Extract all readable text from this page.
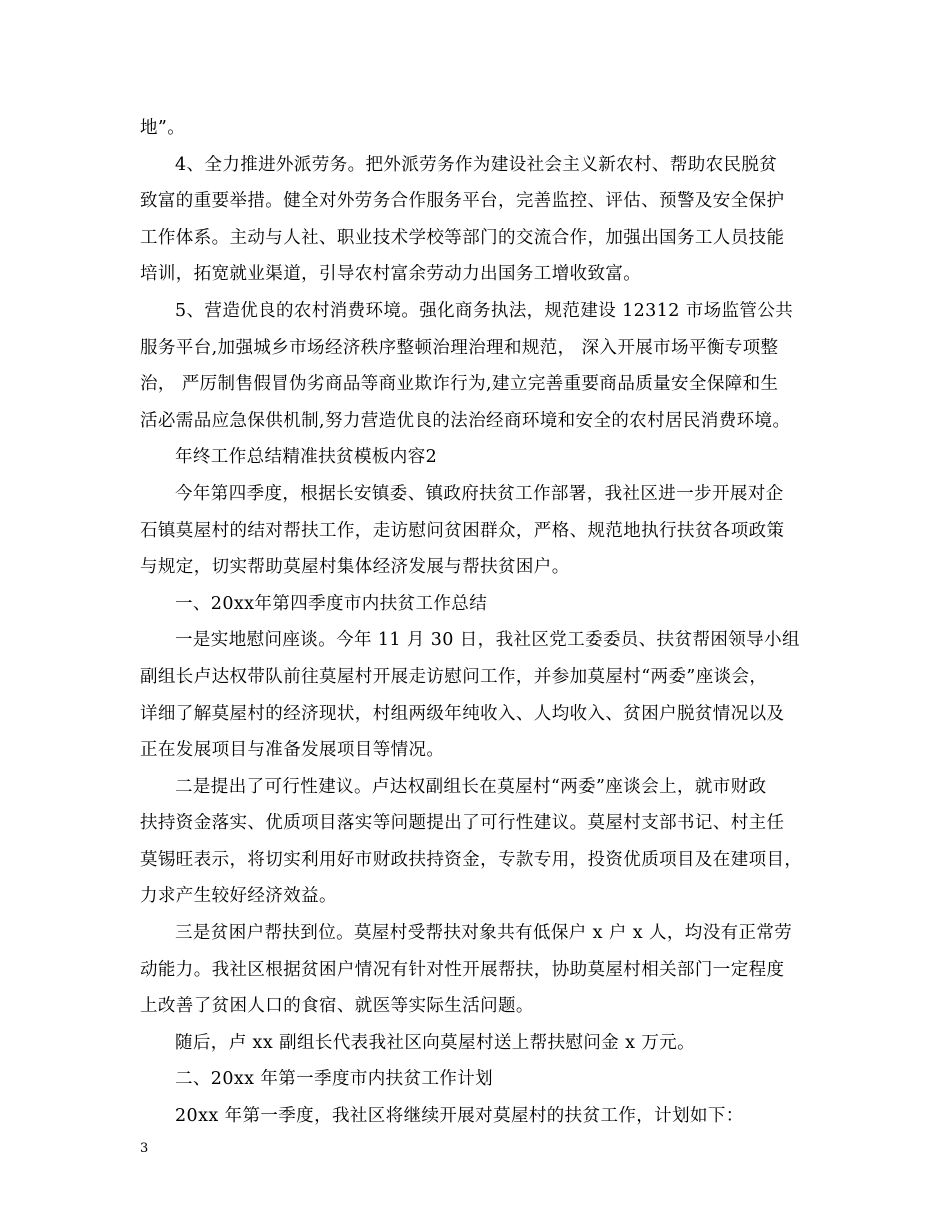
地”。

4、全力推进外派劳务。把外派劳务作为建设社会主义新农村、帮助农民脱贫
致富的重要举措。健全对外劳务合作服务平台，完善监控、评估、预警及安全保护
工作体系。主动与人社、职业技术学校等部门的交流合作，加强出国务工人员技能
培训，拓宽就业渠道，引导农村富余劳动力出国务工增收致富。

5、营造优良的农村消费环境。强化商务执法，规范建设 12312 市场监管公共
服务平台,加强城乡市场经济秩序整顿治理治理和规范， 深入开展市场平衡专项整
治， 严厉制售假冒伪劣商品等商业欺诈行为,建立完善重要商品质量安全保障和生
活必需品应急保供机制,努力营造优良的法治经商环境和安全的农村居民消费环境。

年终工作总结精准扶贫模板内容2

今年第四季度，根据长安镇委、镇政府扶贫工作部署，我社区进一步开展对企
石镇莫屋村的结对帮扶工作，走访慰问贫困群众，严格、规范地执行扶贫各项政策
与规定，切实帮助莫屋村集体经济发展与帮扶贫困户。

一、20xx年第四季度市内扶贫工作总结

一是实地慰问座谈。今年 11 月 30 日，我社区党工委委员、扶贫帮困领导小组
副组长卢达权带队前往莫屋村开展走访慰问工作，并参加莫屋村“两委”座谈会，
详细了解莫屋村的经济现状，村组两级年纯收入、人均收入、贫困户脱贫情况以及
正在发展项目与准备发展项目等情况。

二是提出了可行性建议。卢达权副组长在莫屋村“两委”座谈会上，就市财政
扶持资金落实、优质项目落实等问题提出了可行性建议。莫屋村支部书记、村主任
莫锡旺表示，将切实利用好市财政扶持资金，专款专用，投资优质项目及在建项目，
力求产生较好经济效益。

三是贫困户帮扶到位。莫屋村受帮扶对象共有低保户 x 户 x 人，均没有正常劳
动能力。我社区根据贫困户情况有针对性开展帮扶，协助莫屋村相关部门一定程度
上改善了贫困人口的食宿、就医等实际生活问题。

随后，卢 xx 副组长代表我社区向莫屋村送上帮扶慰问金 x 万元。

二、20xx 年第一季度市内扶贫工作计划

20xx 年第一季度，我社区将继续开展对莫屋村的扶贫工作，计划如下：

3
